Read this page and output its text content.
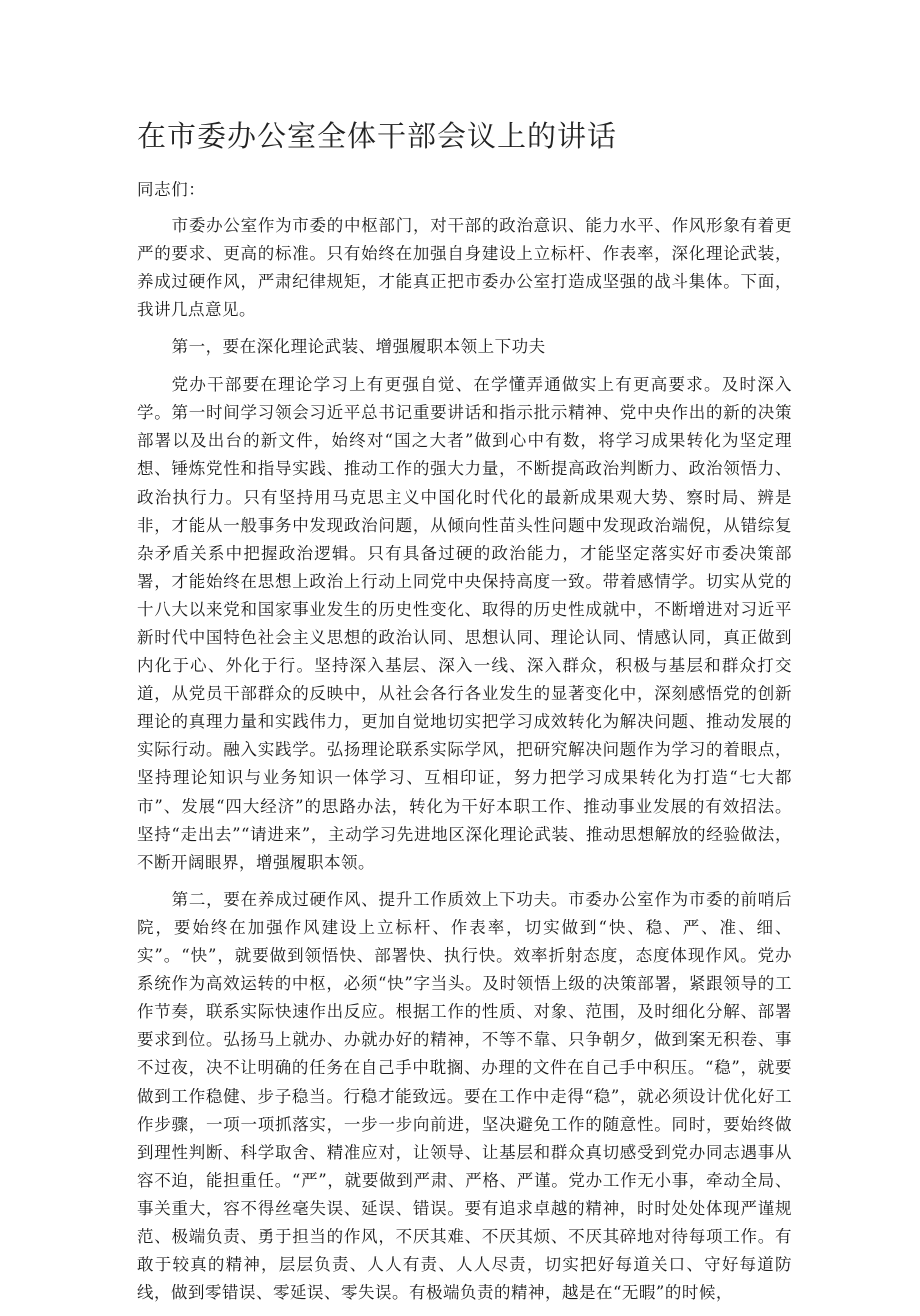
在市委办公室全体干部会议上的讲话

同志们：

市委办公室作为市委的中枢部门，对干部的政治意识、能力水平、作风形象有着更严的要求、更高的标准。只有始终在加强自身建设上立标杆、作表率，深化理论武装，养成过硬作风，严肃纪律规矩，才能真正把市委办公室打造成坚强的战斗集体。下面，我讲几点意见。

第一，要在深化理论武装、增强履职本领上下功夫

党办干部要在理论学习上有更强自觉、在学懂弄通做实上有更高要求。及时深入学。第一时间学习领会习近平总书记重要讲话和指示批示精神、党中央作出的新的决策部署以及出台的新文件，始终对“国之大者”做到心中有数，将学习成果转化为坚定理想、锤炼党性和指导实践、推动工作的强大力量，不断提高政治判断力、政治领悟力、政治执行力。只有坚持用马克思主义中国化时代化的最新成果观大势、察时局、辨是非，才能从一般事务中发现政治问题，从倾向性苗头性问题中发现政治端倪，从错综复杂矛盾关系中把握政治逻辑。只有具备过硬的政治能力，才能坚定落实好市委决策部署，才能始终在思想上政治上行动上同党中央保持高度一致。带着感情学。切实从党的十八大以来党和国家事业发生的历史性变化、取得的历史性成就中，不断增进对习近平新时代中国特色社会主义思想的政治认同、思想认同、理论认同、情感认同，真正做到内化于心、外化于行。坚持深入基层、深入一线、深入群众，积极与基层和群众打交道，从党员干部群众的反映中，从社会各行各业发生的显著变化中，深刻感悟党的创新理论的真理力量和实践伟力，更加自觉地切实把学习成效转化为解决问题、推动发展的实际行动。融入实践学。弘扬理论联系实际学风，把研究解决问题作为学习的着眼点，坚持理论知识与业务知识一体学习、互相印证，努力把学习成果转化为打造“七大都市”、发展“四大经济”的思路办法，转化为干好本职工作、推动事业发展的有效招法。坚持“走出去”“请进来”，主动学习先进地区深化理论武装、推动思想解放的经验做法，不断开阔眼界，增强履职本领。

第二，要在养成过硬作风、提升工作质效上下功夫。市委办公室作为市委的前哨后院，要始终在加强作风建设上立标杆、作表率，切实做到“快、稳、严、准、细、实”。“快”，就要做到领悟快、部署快、执行快。效率折射态度，态度体现作风。党办系统作为高效运转的中枢，必须“快”字当头。及时领悟上级的决策部署，紧跟领导的工作节奏，联系实际快速作出反应。根据工作的性质、对象、范围，及时细化分解、部署要求到位。弘扬马上就办、办就办好的精神，不等不靠、只争朝夕，做到案无积卷、事不过夜，决不让明确的任务在自己手中耽搁、办理的文件在自己手中积压。“稳”，就要做到工作稳健、步子稳当。行稳才能致远。要在工作中走得“稳”，就必须设计优化好工作步骤，一项一项抓落实，一步一步向前进，坚决避免工作的随意性。同时，要始终做到理性判断、科学取舍、精准应对，让领导、让基层和群众真切感受到党办同志遇事从容不迫，能担重任。“严”，就要做到严肃、严格、严谨。党办工作无小事，牵动全局、事关重大，容不得丝毫失误、延误、错误。要有追求卓越的精神，时时处处体现严谨规范、极端负责、勇于担当的作风，不厌其难、不厌其烦、不厌其碎地对待每项工作。有敢于较真的精神，层层负责、人人有责、人人尽责，切实把好每道关口、守好每道防线，做到零错误、零延误、零失误。有极端负责的精神，越是在“无暇”的时候，
